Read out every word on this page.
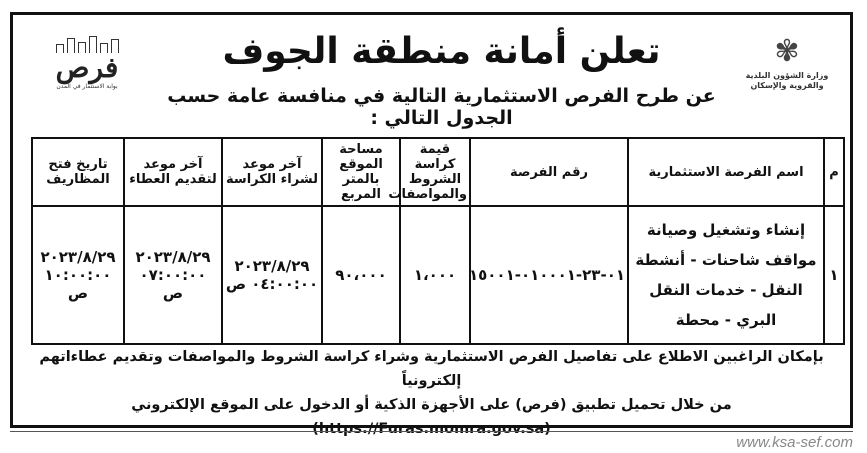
فرص
بوابة الاستثمار في المدن
تعلن أمانة منطقة الجوف
عن طرح الفرص الاستثمارية التالية في منافسة عامة حسب الجدول التالي :
✾
وزارة الشؤون البلدية
والقروية والإسكان
م	اسم الفرصة الاستثمارية	رقم الفرصة	قيمة كراسة الشروط والمواصفات	مساحة الموقع بالمتر المربع	آخر موعد لشراء الكراسة	آخر موعد لتقديم العطاء	تاريخ فتح المظاريف
١	إنشاء وتشغيل وصيانة مواقف شاحنات - أنشطة النقل - خدمات النقل البري - محطة	٠١-٢٣-٠١٠٠٠١-١٥٠٠١	١،٠٠٠	٩٠،٠٠٠	٢٠٢٣/٨/٢٩ ٠٤:٠٠:٠٠ ص	٢٠٢٣/٨/٢٩ ٠٧:٠٠:٠٠ ص	٢٠٢٣/٨/٢٩ ١٠:٠٠:٠٠ ص
بإمكان الراغبين الاطلاع على تفاصيل الفرص الاستثمارية وشراء كراسة الشروط والمواصفات وتقديم عطاءاتهم إلكترونياً
من خلال تحميل تطبيق (فرص) على الأجهزة الذكية أو الدخول على الموقع الإلكتروني (https://Furas.momra.gov.sa)
www.ksa-sef.com
